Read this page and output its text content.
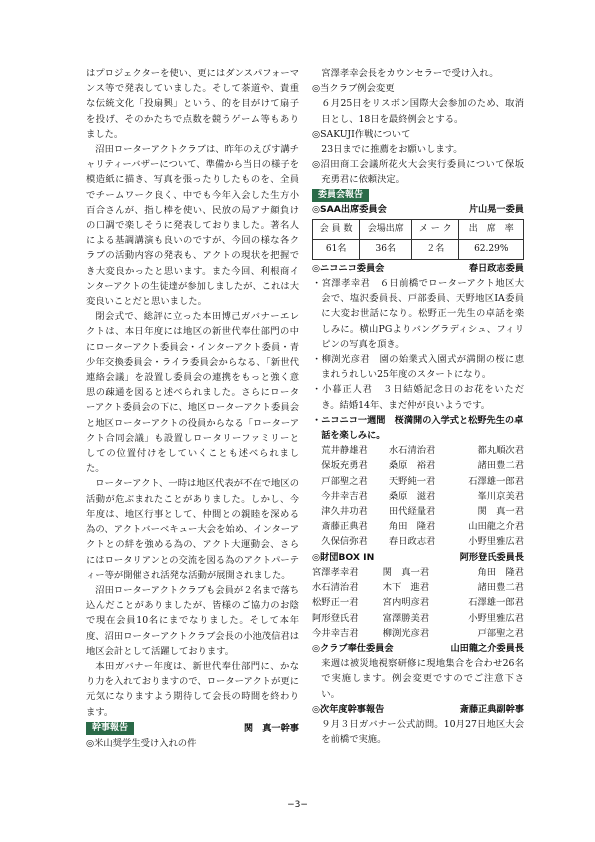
はプロジェクターを使い、更にはダンスパフォーマンス等で発表していました。そして茶道や、貴重な伝統文化「投扇興」という、的を目がけて扇子を投げ、そのかたちで点数を競うゲーム等もありました。

沼田ローターアクトクラブは、昨年のえびす講チャリティーバザーについて、準備から当日の様子を模造紙に描き、写真を張ったりしたものを、全員でチームワーク良く、中でも今年入会した生方小百合さんが、指し棒を使い、民放の局アナ顔負けの口調で楽しそうに発表しておりました。著名人による基調講演も良いのですが、今回の様な各クラブの活動内容の発表も、アクトの現状を把握でき大変良かったと思います。また今回、利根商インターアクトの生徒達が参加しましたが、これは大変良いことだと思いました。

閉会式で、総評に立った本田博己ガバナーエレクトは、本日年度には地区の新世代奉仕部門の中にローターアクト委員会・インターアクト委員・青少年交換委員会・ライラ委員会からなる、「新世代連絡会議」を設置し委員会の連携をもっと強く意思の疎通を図ると述べられました。さらにローターアクト委員会の下に、地区ローターアクト委員会と地区ローターアクトの役員からなる「ローターアクト合同会議」も設置しロータリーファミリーとしての位置付けをしていくことも述べられました。

ローターアクト、一時は地区代表が不在で地区の活動が危ぶまれたことがありました。しかし、今年度は、地区行事として、仲間との親睦を深める為の、アクトバーベキュー大会を始め、インターアクトとの絆を強める為の、アクト大運動会、さらにはロータリアンとの交流を図る為のアクトパーティー等が開催され活発な活動が展開されました。

沼田ローターアクトクラブも会員が２名まで落ち込んだことがありましたが、皆様のご協力のお陰で現在会員10名にまでなりました。そして本年度、沼田ローターアクトクラブ会長の小池茂信君は地区会計として活躍しております。

本田ガバナー年度は、新世代奉仕部門に、かなり力を入れておりますので、ローターアクトが更に元気になりますよう期待して会長の時間を終わります。

幹事報告	関　真一幹事

◎米山奨学生受け入れの件

宮澤孝幸会長をカウンセラーで受け入れ。

◎当クラブ例会変更

６月25日をリスボン国際大会参加のため、取消日とし、18日を最終例会とする。

◎SAKUJI作戦について

23日までに推薦をお願いします。

◎沼田商工会議所花火大会実行委員について保坂充勇君に依頼決定。

委員会報告
◎SAA出席委員会	片山晃一委員
会 員 数	会場出席	メ ー ク	出　席　率
61名	36名	２名	62.29%
◎ニコニコ委員会	春日政志委員

・宮澤孝幸君　６日前橋でローターアクト地区大会で、塩沢委員長、戸部委員、天野地区IA委員に大変お世話になり。松野正一先生の卓話を楽しみに。横山PGよりバングラディシュ、フィリピンの写真を頂き。

・柳渕光彦君　園の始業式入園式が満開の桜に恵まれうれしい25年度のスタートになり。

・小暮正人君　３日結婚記念日のお花をいただき。結婚14年、まだ仲が良いようです。

・ニコニコ一週間　桜満開の入学式と松野先生の卓話を楽しみに。

荒井静雄君	水石清治君	都丸順次君
保坂充勇君	桑原　裕君	諸田豊二君
戸部聖之君	天野純一君	石澤雄一郎君
今井幸吉君	桑原　滋君	峯川京美君
津久井功君	田代経量君	関　真一君
斎藤正典君	角田　隆君	山田龍之介君
久保信弥君	春日政志君	小野里雅広君
◎財団BOX IN	阿形登氏委員長
宮澤孝幸君	関　真一君	角田　隆君
水石清治君	木下　進君	諸田豊二君
松野正一君	宮内明彦君	石澤雄一郎君
阿形登氏君	富澤勝美君	小野里雅広君
今井幸吉君	柳渕光彦君	戸部聖之君
◎クラブ奉仕委員会	山田龍之介委員長

来週は被災地視察研修に現地集合を合わせ26名で実施します。例会変更ですのでご注意下さい。

◎次年度幹事報告	斎藤正典副幹事

９月３日ガバナー公式訪問。10月27日地区大会を前橋で実施。

−3−
